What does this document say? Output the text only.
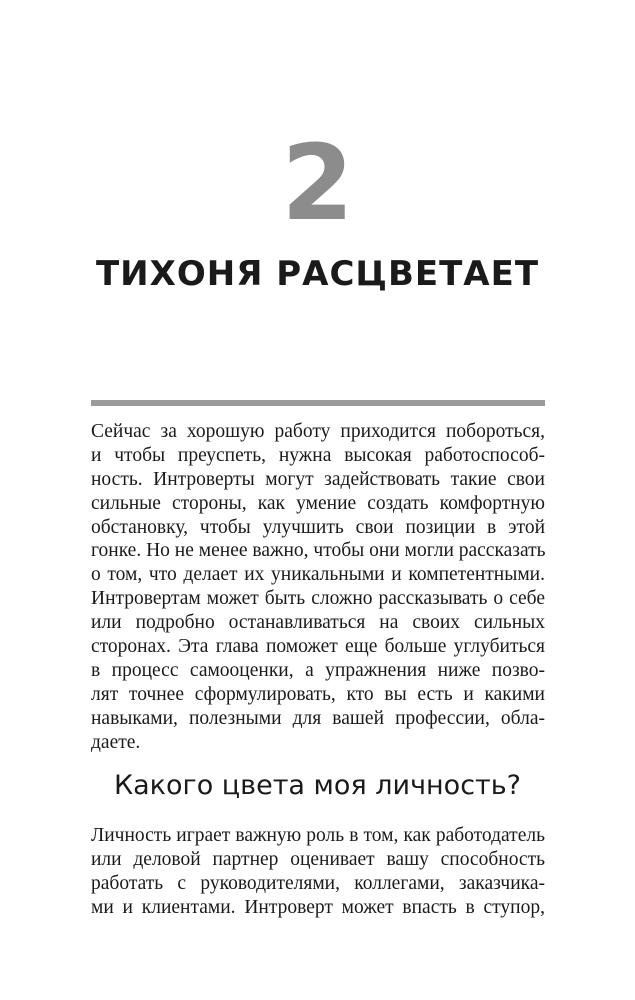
2
ТИХОНЯ РАСЦВЕТАЕТ
Сейчас за хорошую работу приходится побороться,
и чтобы преуспеть, нужна высокая работоспособ-
ность. Интроверты могут задействовать такие свои
сильные стороны, как умение создать комфортную
обстановку, чтобы улучшить свои позиции в этой
гонке. Но не менее важно, чтобы они могли рассказать
о том, что делает их уникальными и компетентными.
Интровертам может быть сложно рассказывать о себе
или подробно останавливаться на своих сильных
сторонах. Эта глава поможет еще больше углубиться
в процесс самооценки, а упражнения ниже позво-
лят точнее сформулировать, кто вы есть и какими
навыками, полезными для вашей профессии, обла-
даете.
Какого цвета моя личность?
Личность играет важную роль в том, как работодатель
или деловой партнер оценивает вашу способность
работать с руководителями, коллегами, заказчика-
ми и клиентами. Интроверт может впасть в ступор,
